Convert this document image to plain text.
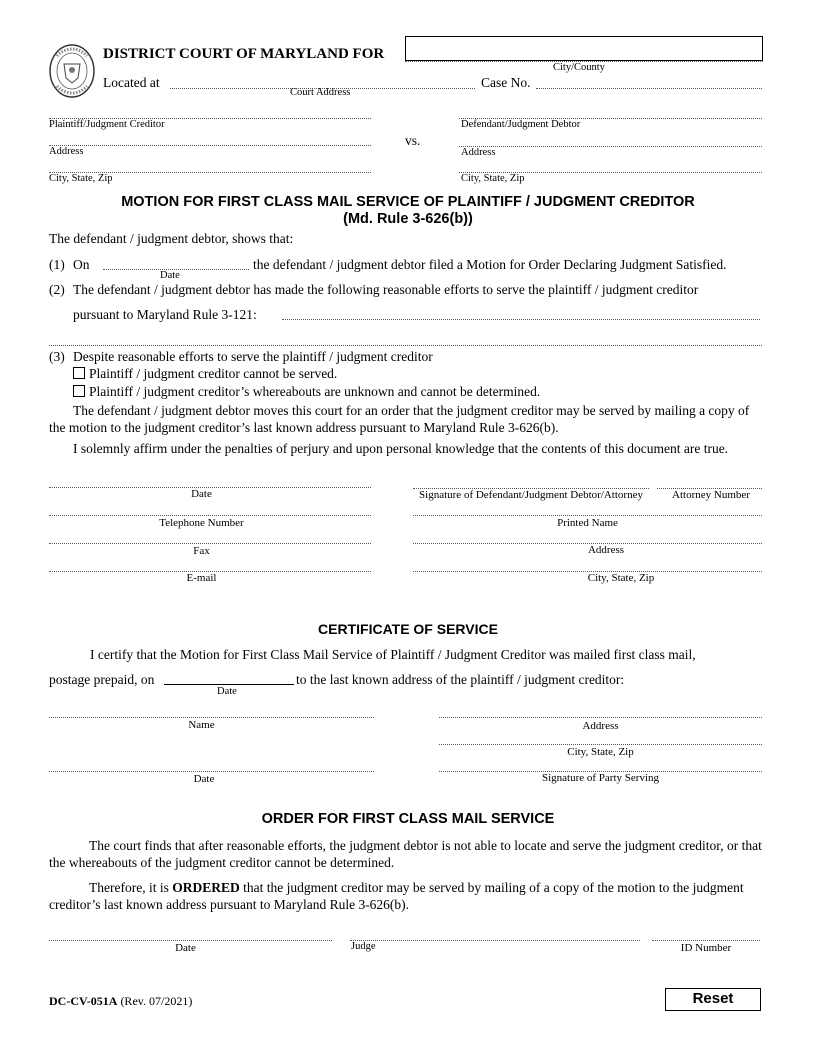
DISTRICT COURT OF MARYLAND FOR
City/County
Located at
Court Address
Case No.
Plaintiff/Judgment Creditor
Address
City, State, Zip
vs.
Defendant/Judgment Debtor
Address
City, State, Zip
MOTION FOR FIRST CLASS MAIL SERVICE OF PLAINTIFF / JUDGMENT CREDITOR
(Md. Rule 3-626(b))
The defendant / judgment debtor, shows that:
(1) On
Date
the defendant / judgment debtor filed a Motion for Order Declaring Judgment Satisfied.
(2) The defendant / judgment debtor has made the following reasonable efforts to serve the plaintiff / judgment creditor
pursuant to Maryland Rule 3-121:
(3) Despite reasonable efforts to serve the plaintiff / judgment creditor
Plaintiff / judgment creditor cannot be served.
Plaintiff / judgment creditor’s whereabouts are unknown and cannot be determined.
The defendant / judgment debtor moves this court for an order that the judgment creditor may be served by mailing a copy of the motion to the judgment creditor’s last known address pursuant to Maryland Rule 3-626(b).
I solemnly affirm under the penalties of perjury and upon personal knowledge that the contents of this document are true.
Date	Signature of Defendant/Judgment Debtor/Attorney	Attorney Number
Telephone Number	Printed Name
Fax	Address
E-mail	City, State, Zip
CERTIFICATE OF SERVICE
I certify that the Motion for First Class Mail Service of Plaintiff / Judgment Creditor was mailed first class mail,
postage prepaid, on	to the last known address of the plaintiff / judgment creditor:
Date
Name	Address
City, State, Zip
Date	Signature of Party Serving
ORDER FOR FIRST CLASS MAIL SERVICE
The court finds that after reasonable efforts, the judgment debtor is not able to locate and serve the judgment creditor, or that the whereabouts of the judgment creditor cannot be determined.
Therefore, it is ORDERED that the judgment creditor may be served by mailing of a copy of the motion to the judgment creditor’s last known address pursuant to Maryland Rule 3-626(b).
Date	Judge	ID Number
DC-CV-051A (Rev. 07/2021)	Reset
